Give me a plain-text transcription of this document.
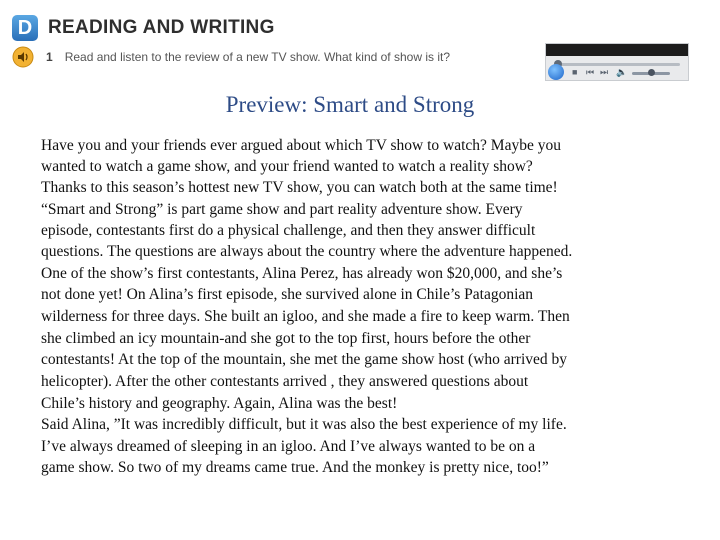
D READING AND WRITING
1 Read and listen to the review of a new TV show. What kind of show is it?
■ ⏮ ⏭ 🔈
Preview: Smart and Strong

Have you and your friends ever argued about which TV show to watch? Maybe you

wanted to watch a game show, and your friend wanted to watch a reality show?

Thanks to this season’s hottest new TV show, you can watch both at the same time!

“Smart and Strong” is part game show and part reality adventure show. Every

episode, contestants first do a physical challenge, and then they answer difficult

questions. The questions are always about the country where the adventure happened.

One of the show’s first contestants, Alina Perez, has already won $20,000, and she’s

not done yet! On Alina’s first episode, she survived alone in Chile’s Patagonian

wilderness for three days. She built an igloo, and she made a fire to keep warm. Then

she climbed an icy mountain-and she got to the top first, hours before the other

contestants! At the top of the mountain, she met the game show host (who arrived by

helicopter). After the other contestants arrived , they answered questions about

Chile’s history and geography. Again, Alina was the best!

Said Alina, ”It was incredibly difficult, but it was also the best experience of my life.

I’ve always dreamed of sleeping in an igloo. And I’ve always wanted to be on a

game show. So two of my dreams came true. And the monkey is pretty nice, too!”
